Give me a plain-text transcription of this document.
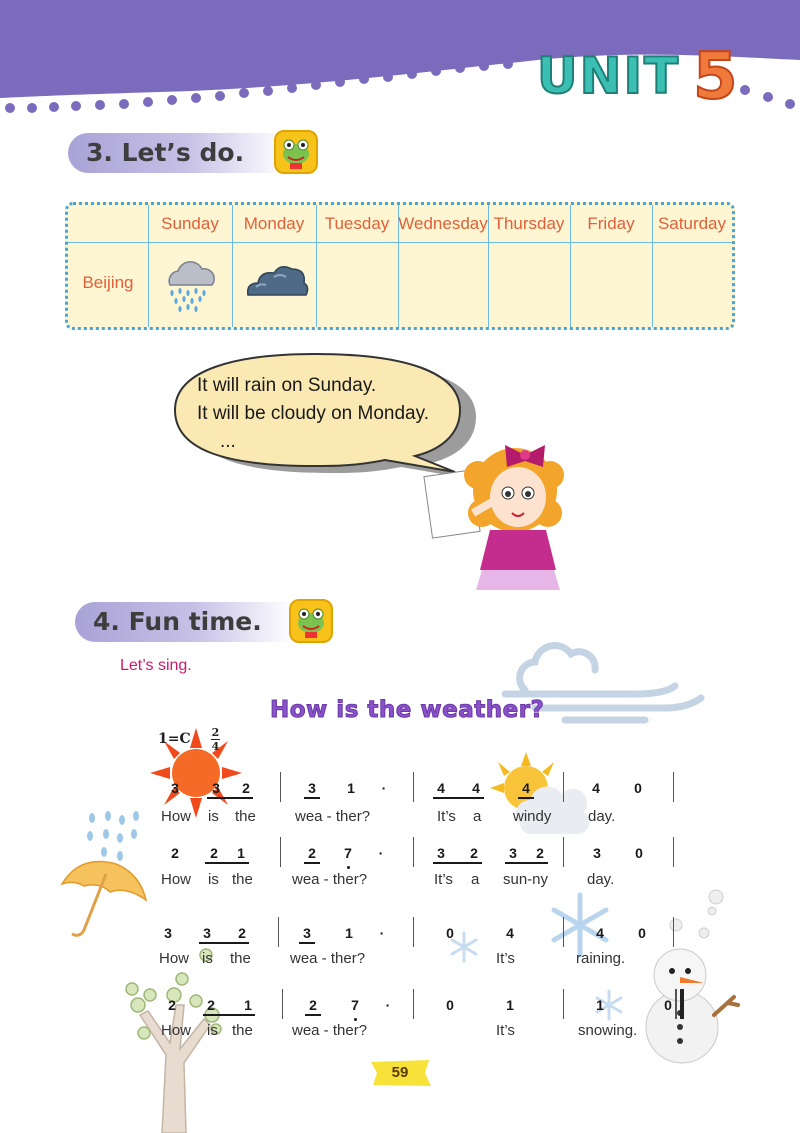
UNIT 5
3. Let’s do.
Sunday	Monday	Tuesday Wednesday Thursday	Friday	Saturday
Beijing
It will rain on Sunday.
It will be cloudy on Monday.
...
4. Fun time.
Let’s sing.
How is the weather?
1=C 2
4
3 3 2	3 1	·	4 4	4	4 0
How is the	wea - ther?	It’s a windy day.
2 2 1	2 7	·	3 2 3 2	3 0
How is the	wea - ther?	It’s a sun-ny	day.
3 3 2	3 1	·	0	4	4 0
How is the	wea - ther?	It’s	raining.
2 2 1	2 7	·	0	1	1	0
How is the	wea - ther?	It’s	snowing.
59
